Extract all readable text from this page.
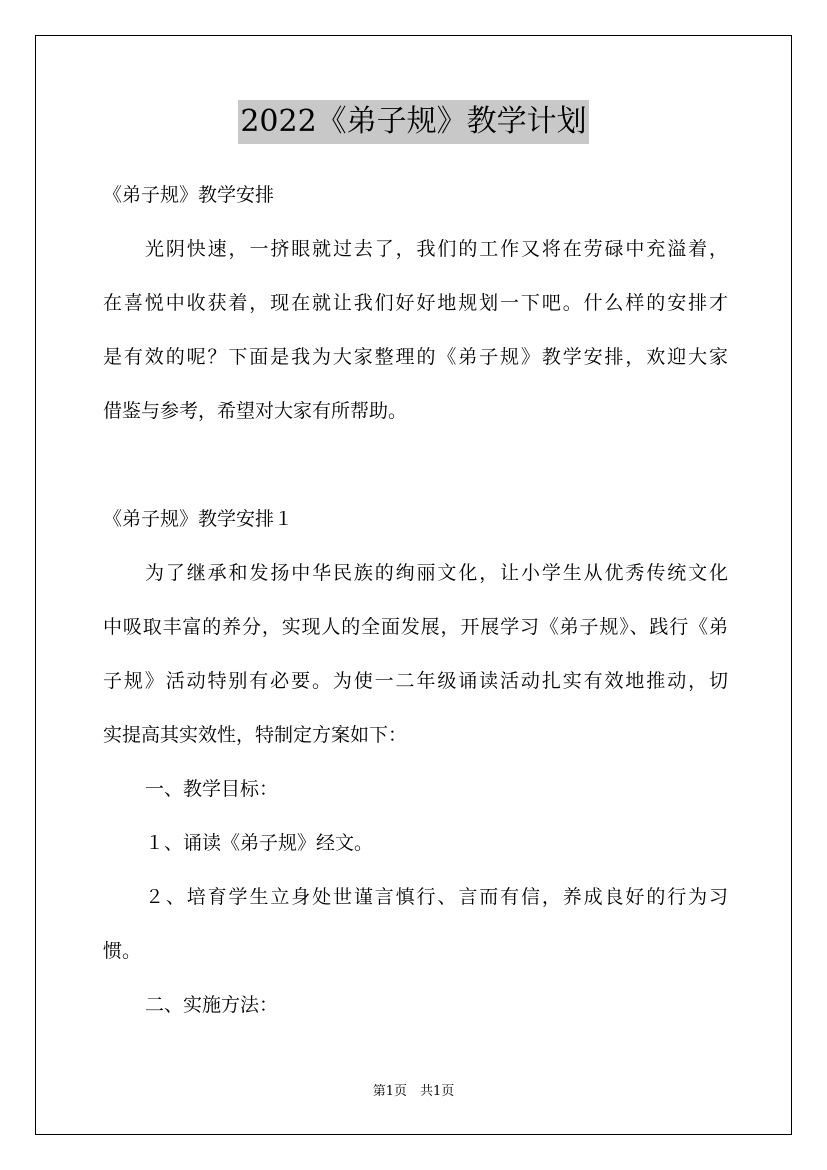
2022《弟子规》教学计划
《弟子规》教学安排
光阴快速，一挤眼就过去了，我们的工作又将在劳碌中充溢着，
在喜悦中收获着，现在就让我们好好地规划一下吧。什么样的安排才
是有效的呢？下面是我为大家整理的《弟子规》教学安排，欢迎大家
借鉴与参考，希望对大家有所帮助。
《弟子规》教学安排１
为了继承和发扬中华民族的绚丽文化，让小学生从优秀传统文化
中吸取丰富的养分，实现人的全面发展，开展学习《弟子规》、践行《弟
子规》活动特别有必要。为使一二年级诵读活动扎实有效地推动，切
实提高其实效性，特制定方案如下：
一、教学目标：
１、诵读《弟子规》经文。
２、培育学生立身处世谨言慎行、言而有信，养成良好的行为习
惯。
二、实施方法：
第1页　共1页
